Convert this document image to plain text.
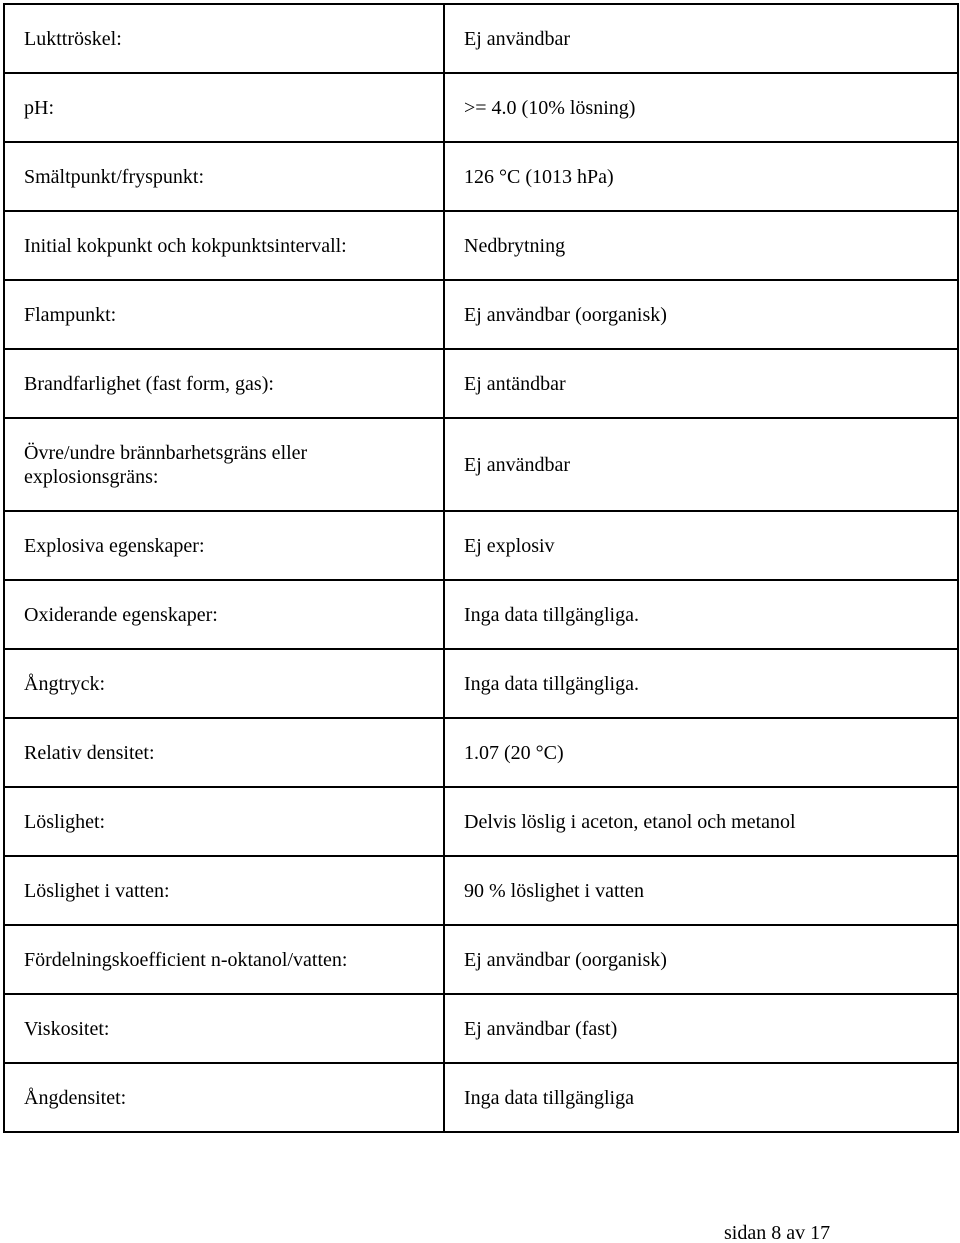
Lukttröskel:	Ej användbar
pH:	>= 4.0 (10% lösning)
Smältpunkt/fryspunkt:	126 °C (1013 hPa)
Initial kokpunkt och kokpunktsintervall:	Nedbrytning
Flampunkt:	Ej användbar (oorganisk)
Brandfarlighet (fast form, gas):	Ej antändbar
Övre/undre brännbarhetsgräns eller explosionsgräns:	Ej användbar
Explosiva egenskaper:	Ej explosiv
Oxiderande egenskaper:	Inga data tillgängliga.
Ångtryck:	Inga data tillgängliga.
Relativ densitet:	1.07 (20 °C)
Löslighet:	Delvis löslig i aceton, etanol och metanol
Löslighet i vatten:	90 % löslighet i vatten
Fördelningskoefficient n-oktanol/vatten:	Ej användbar (oorganisk)
Viskositet:	Ej användbar (fast)
Ångdensitet:	Inga data tillgängliga
sidan 8 av 17
